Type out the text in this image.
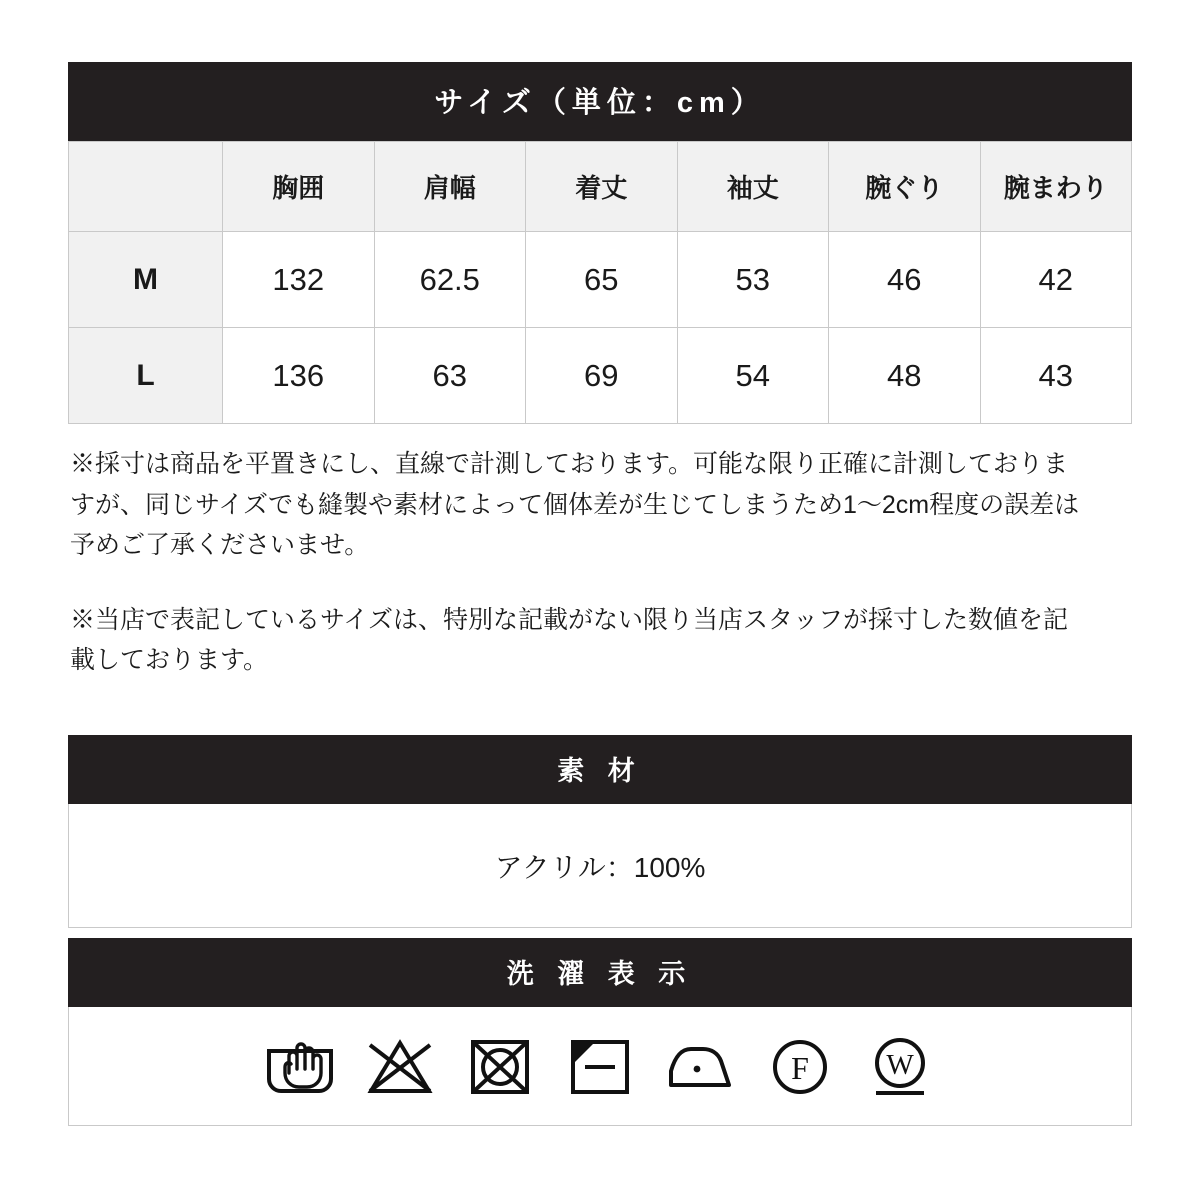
サイズ（単位：cm）
	胸囲	肩幅	着丈	袖丈	腕ぐり	腕まわり
M	132	62.5	65	53	46	42
L	136	63	69	54	48	43

※採寸は商品を平置きにし、直線で計測しております。可能な限り正確に計測しておりますが、同じサイズでも縫製や素材によって個体差が生じてしまうため1〜2cm程度の誤差は予めご了承くださいませ。

※当店で表記しているサイズは、特別な記載がない限り当店スタッフが採寸した数値を記載しております。

素 材
アクリル：100%
洗 濯 表 示
F	W
